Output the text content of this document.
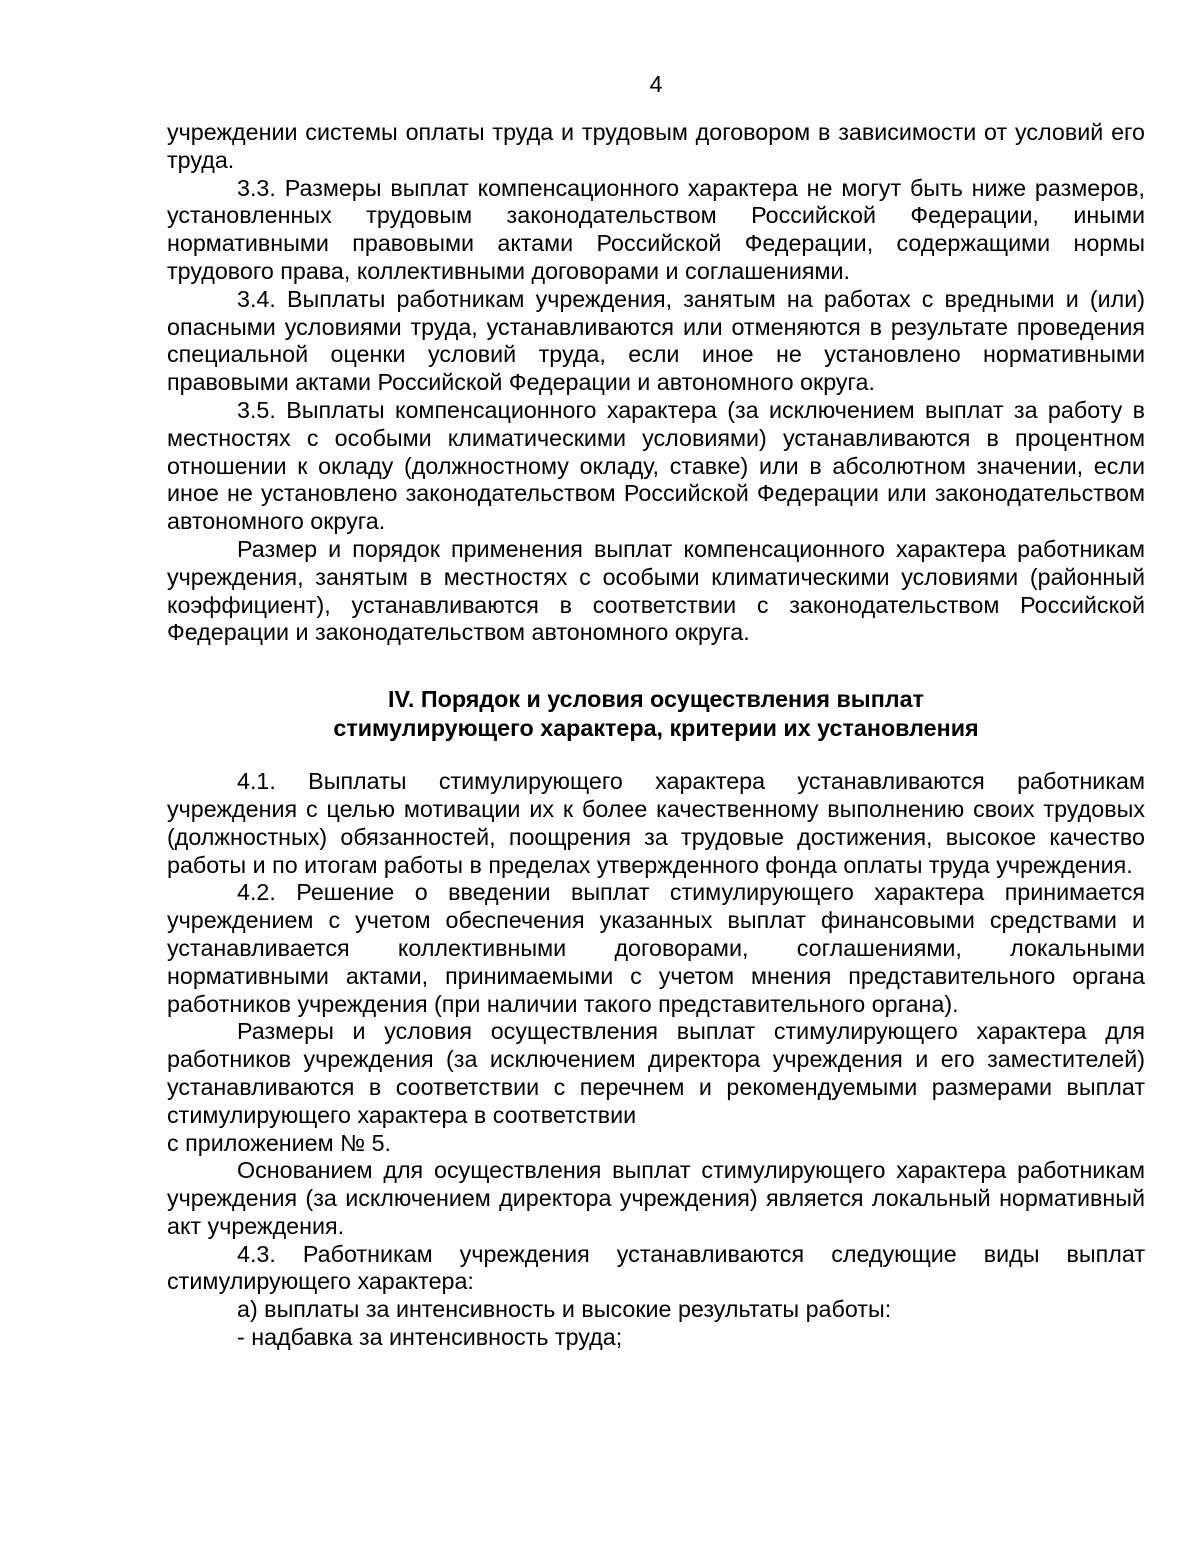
4

учреждении системы оплаты труда и трудовым договором в зависимости от условий его труда.

3.3. Размеры выплат компенсационного характера не могут быть ниже размеров, установленных трудовым законодательством Российской Федерации, иными нормативными правовыми актами Российской Федерации, содержащими нормы трудового права, коллективными договорами и соглашениями.

3.4. Выплаты работникам учреждения, занятым на работах с вредными и (или) опасными условиями труда, устанавливаются или отменяются в результате проведения специальной оценки условий труда, если иное не установлено нормативными правовыми актами Российской Федерации и автономного округа.

3.5. Выплаты компенсационного характера (за исключением выплат за работу в местностях с особыми климатическими условиями) устанавливаются в процентном отношении к окладу (должностному окладу, ставке) или в абсолютном значении, если иное не установлено законодательством Российской Федерации или законодательством автономного округа.

Размер и порядок применения выплат компенсационного характера работникам учреждения, занятым в местностях с особыми климатическими условиями (районный коэффициент), устанавливаются в соответствии с законодательством Российской Федерации и законодательством автономного округа.

IV. Порядок и условия осуществления выплат
стимулирующего характера, критерии их установления

4.1. Выплаты стимулирующего характера устанавливаются работникам учреждения с целью мотивации их к более качественному выполнению своих трудовых (должностных) обязанностей, поощрения за трудовые достижения, высокое качество работы и по итогам работы в пределах утвержденного фонда оплаты труда учреждения.

4.2. Решение о введении выплат стимулирующего характера принимается учреждением с учетом обеспечения указанных выплат финансовыми средствами и устанавливается коллективными договорами, соглашениями, локальными нормативными актами, принимаемыми с учетом мнения представительного органа работников учреждения (при наличии такого представительного органа).

Размеры и условия осуществления выплат стимулирующего характера для работников учреждения (за исключением директора учреждения и его заместителей) устанавливаются в соответствии с перечнем и рекомендуемыми размерами выплат стимулирующего характера в соответствии

с приложением № 5.

Основанием для осуществления выплат стимулирующего характера работникам учреждения (за исключением директора учреждения) является локальный нормативный акт учреждения.

4.3. Работникам учреждения устанавливаются следующие виды выплат стимулирующего характера:

а) выплаты за интенсивность и высокие результаты работы:

- надбавка за интенсивность труда;
